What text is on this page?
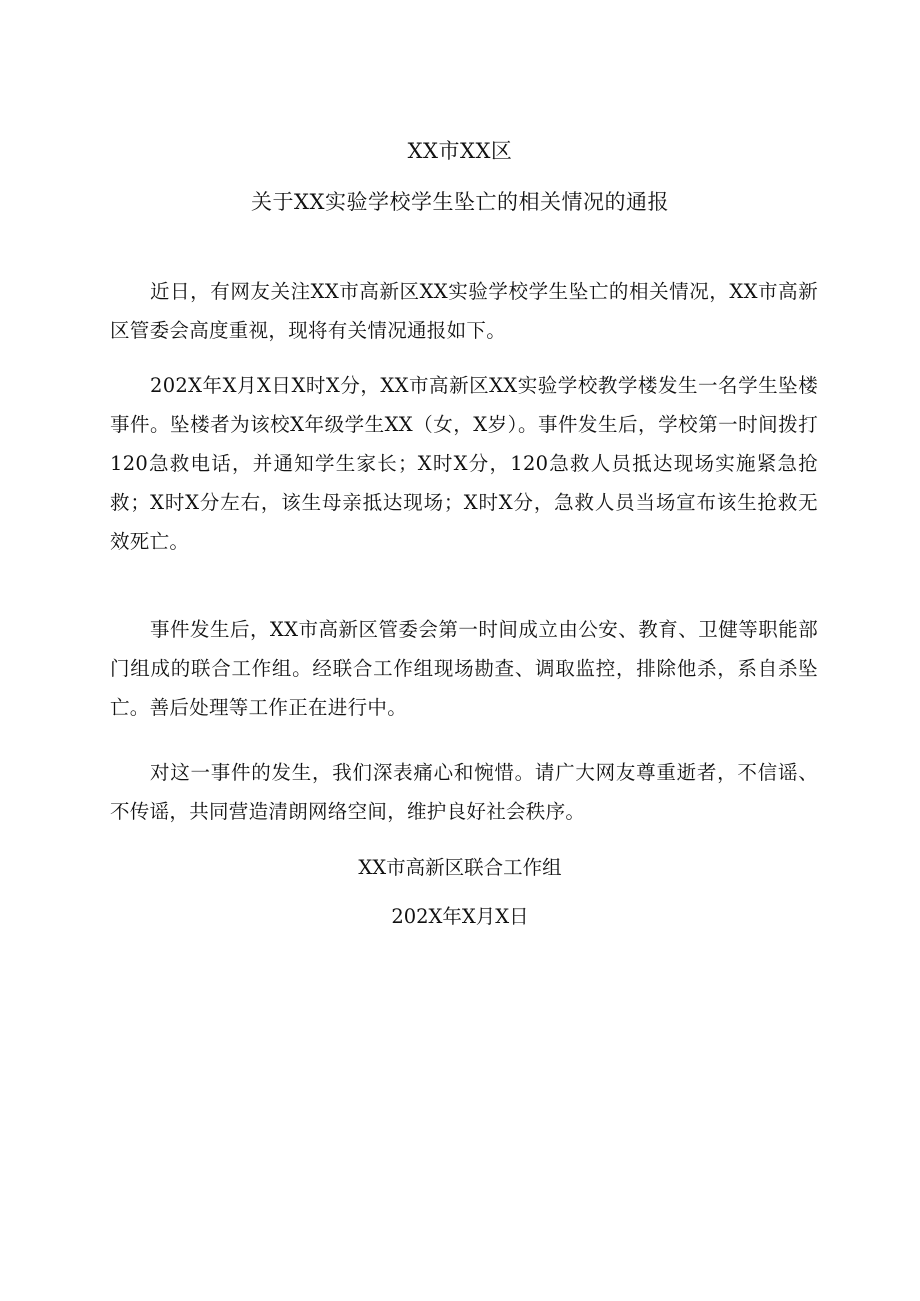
XX市XX区
关于XX实验学校学生坠亡的相关情况的通报

近日，有网友关注XX市高新区XX实验学校学生坠亡的相关情况，XX市高新区管委会高度重视，现将有关情况通报如下。

202X年X月X日X时X分，XX市高新区XX实验学校教学楼发生一名学生坠楼事件。坠楼者为该校X年级学生XX（女，X岁）。事件发生后，学校第一时间拨打120急救电话，并通知学生家长；X时X分，120急救人员抵达现场实施紧急抢救；X时X分左右，该生母亲抵达现场；X时X分，急救人员当场宣布该生抢救无效死亡。

事件发生后，XX市高新区管委会第一时间成立由公安、教育、卫健等职能部门组成的联合工作组。经联合工作组现场勘查、调取监控，排除他杀，系自杀坠亡。善后处理等工作正在进行中。

对这一事件的发生，我们深表痛心和惋惜。请广大网友尊重逝者，不信谣、不传谣，共同营造清朗网络空间，维护良好社会秩序。

XX市高新区联合工作组
202X年X月X日
